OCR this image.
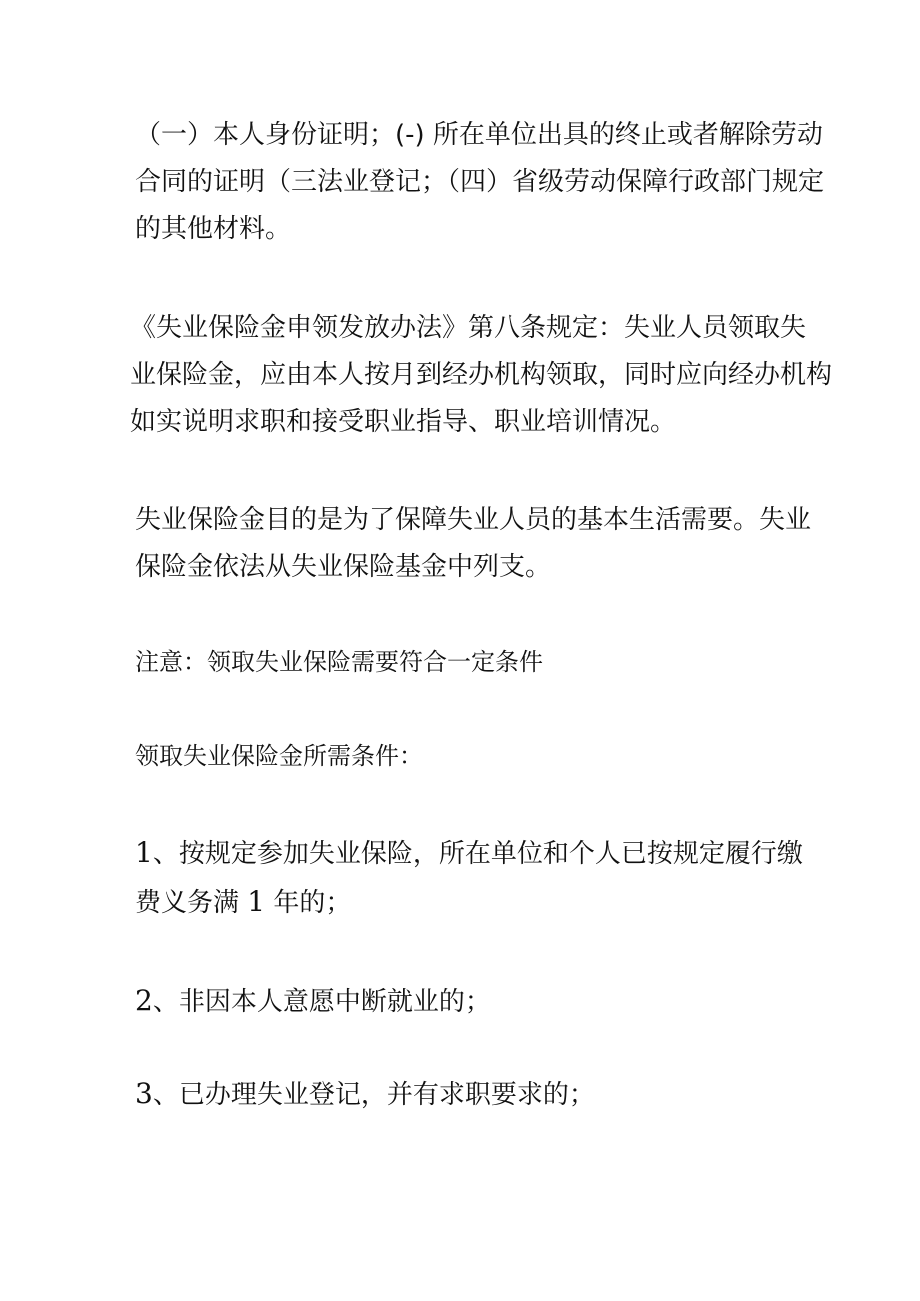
（一）本人身份证明；(-) 所在单位出具的终止或者解除劳动
合同的证明（三法业登记；（四）省级劳动保障行政部门规定
的其他材料。
《失业保险金申领发放办法》第八条规定：失业人员领取失
业保险金，应由本人按月到经办机构领取，同时应向经办机构
如实说明求职和接受职业指导、职业培训情况。
失业保险金目的是为了保障失业人员的基本生活需要。失业
保险金依法从失业保险基金中列支。
注意：领取失业保险需要符合一定条件
领取失业保险金所需条件：
1、按规定参加失业保险，所在单位和个人已按规定履行缴
费义务满 1 年的；
2、非因本人意愿中断就业的；
3、已办理失业登记，并有求职要求的；
